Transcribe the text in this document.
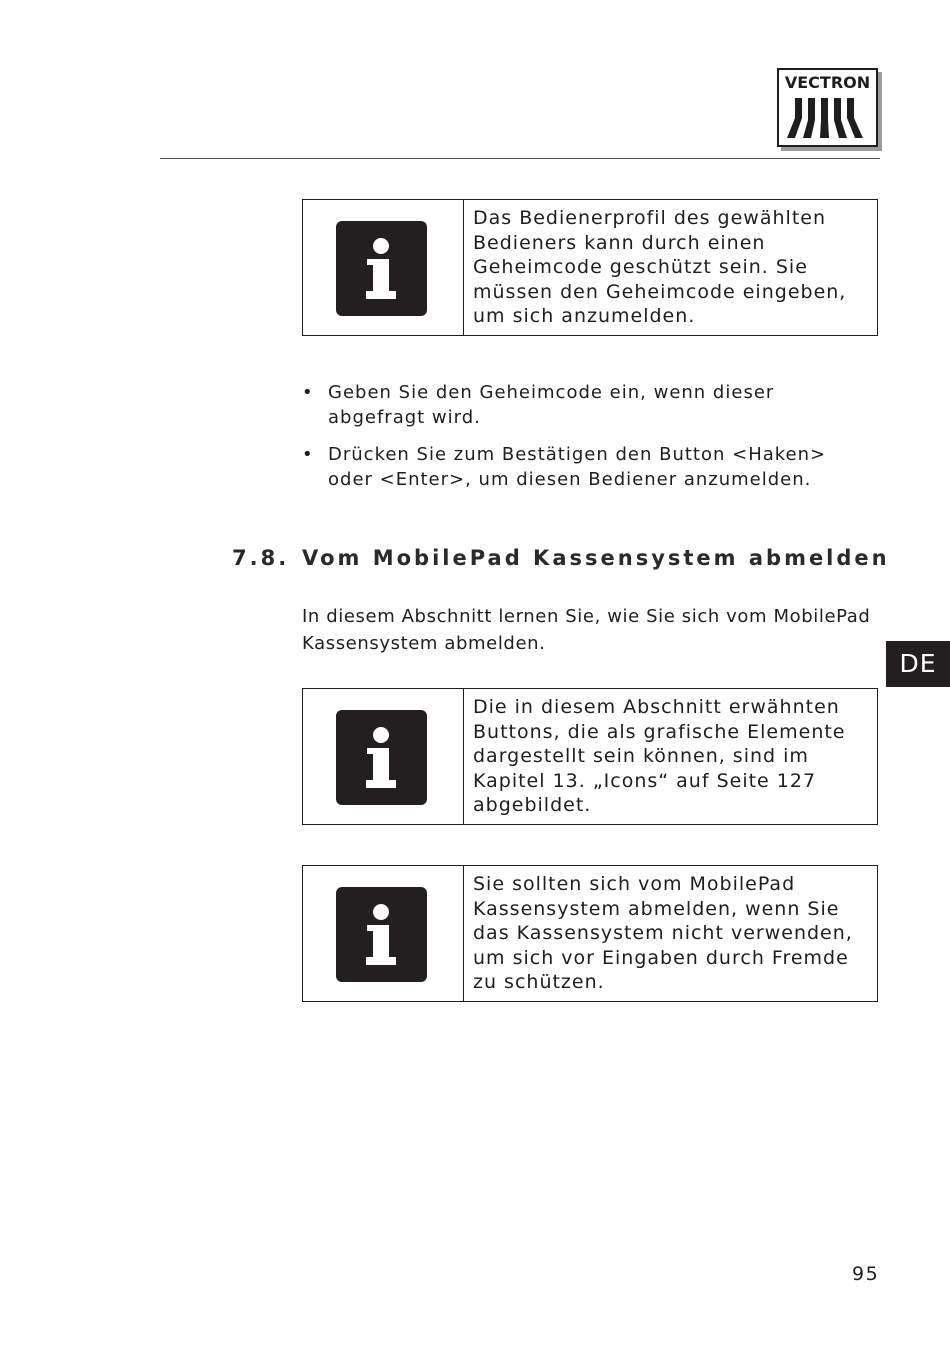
VECTRON
Das Bedienerprofil des gewählten Bedieners kann durch einen Geheimcode geschützt sein. Sie müssen den Geheimcode eingeben, um sich anzumelden.
• Geben Sie den Geheimcode ein, wenn dieser abgefragt wird.
• Drücken Sie zum Bestätigen den Button <Haken> oder <Enter>, um diesen Bediener anzumelden.
7.8. Vom MobilePad Kassensystem abmelden
In diesem Abschnitt lernen Sie, wie Sie sich vom MobilePad Kassensystem abmelden.
DE
Die in diesem Abschnitt erwähnten Buttons, die als grafische Elemente dargestellt sein können, sind im Kapitel 13. „Icons“ auf Seite 127 abgebildet.
Sie sollten sich vom MobilePad Kassensystem abmelden, wenn Sie das Kassensystem nicht verwenden, um sich vor Eingaben durch Fremde zu schützen.
95
